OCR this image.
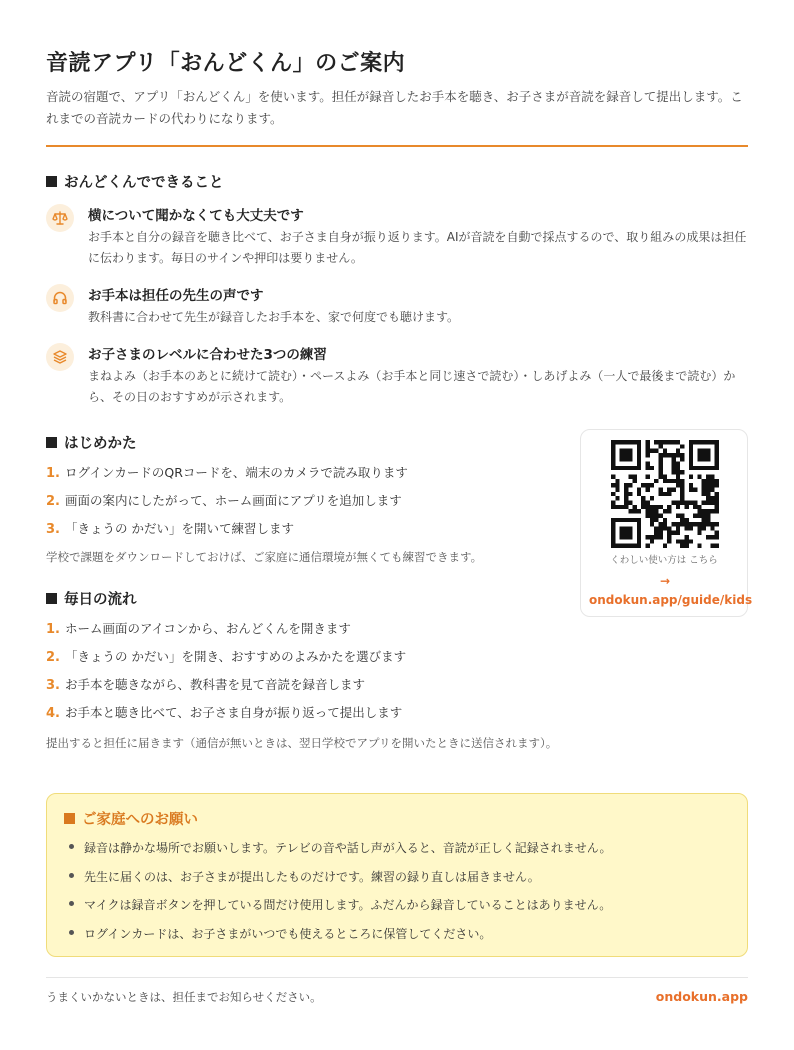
音読アプリ「おんどくん」のご案内

音読の宿題で、アプリ「おんどくん」を使います。担任が録音したお手本を聴き、お子さまが音読を録音して提出します。これまでの音読カードの代わりになります。

おんどくんでできること
横について聞かなくても大丈夫です
お手本と自分の録音を聴き比べて、お子さま自身が振り返ります。AIが音読を自動で採点するので、取り組みの成果は担任に伝わります。毎日のサインや押印は要りません。
お手本は担任の先生の声です
教科書に合わせて先生が録音したお手本を、家で何度でも聴けます。
お子さまのレベルに合わせた3つの練習
まねよみ（お手本のあとに続けて読む）・ペースよみ（お手本と同じ速さで読む）・しあげよみ（一人で最後まで読む）から、その日のおすすめが示されます。
はじめかた
1. ログインカードのQRコードを、端末のカメラで読み取ります
2. 画面の案内にしたがって、ホーム画面にアプリを追加します
3. 「きょうの かだい」を開いて練習します

学校で課題をダウンロードしておけば、ご家庭に通信環境が無くても練習できます。

毎日の流れ
1. ホーム画面のアイコンから、おんどくんを開きます
2. 「きょうの かだい」を開き、おすすめのよみかたを選びます
3. お手本を聴きながら、教科書を見て音読を録音します
4. お手本と聴き比べて、お子さま自身が振り返って提出します

提出すると担任に届きます（通信が無いときは、翌日学校でアプリを開いたときに送信されます）。

くわしい使い方は こちら
→ ondokun.app/guide/kids
ご家庭へのお願い
録音は静かな場所でお願いします。テレビの音や話し声が入ると、音読が正しく記録されません。
先生に届くのは、お子さまが提出したものだけです。練習の録り直しは届きません。
マイクは録音ボタンを押している間だけ使用します。ふだんから録音していることはありません。
ログインカードは、お子さまがいつでも使えるところに保管してください。
うまくいかないときは、担任までお知らせください。	ondokun.app
